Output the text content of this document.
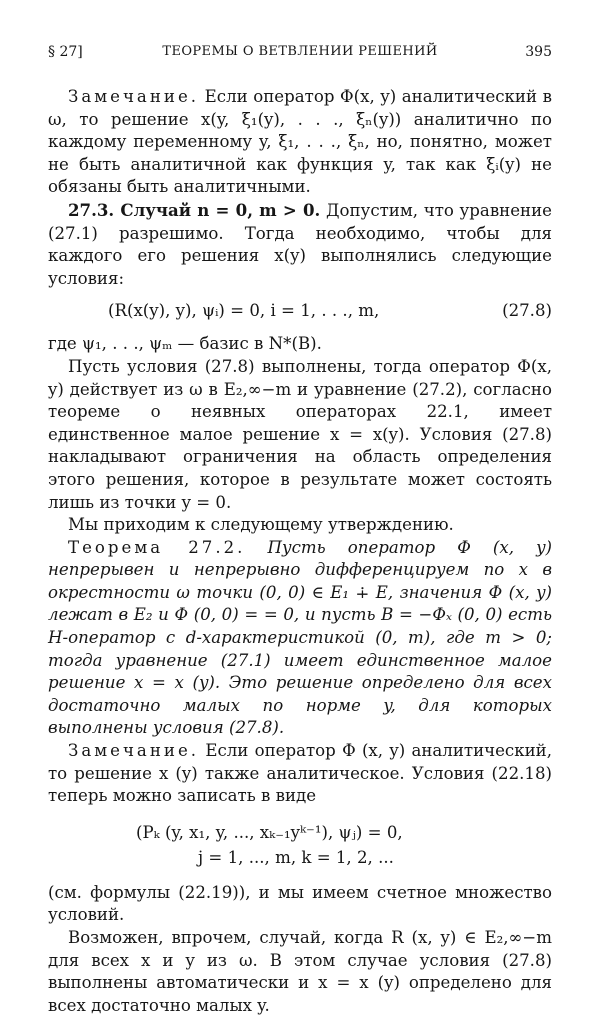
§ 27]	ТЕОРЕМЫ О ВЕТВЛЕНИИ РЕШЕНИЙ	395

Замечание. Если оператор Φ(x, y) аналитический в ω, то решение x(y, ξ₁(y), . . ., ξₙ(y)) аналитично по каждому переменному y, ξ₁, . . ., ξₙ, но, понятно, может не быть аналитичной как функция y, так как ξᵢ(y) не обязаны быть аналитичными.

27.3. Случай n = 0, m > 0. Допустим, что уравнение (27.1) разрешимо. Тогда необходимо, чтобы для каждого его решения x(y) выполнялись следующие условия:

(R(x(y), y), ψᵢ) = 0, i = 1, . . ., m,	(27.8)

где ψ₁, . . ., ψₘ — базис в N*(B).

Пусть условия (27.8) выполнены, тогда оператор Φ(x, y) действует из ω в E₂,∞−m и уравнение (27.2), согласно теореме о неявных операторах 22.1, имеет единственное малое решение x = x(y). Условия (27.8) накладывают ограничения на область определения этого решения, которое в результате может состоять лишь из точки y = 0.

Мы приходим к следующему утверждению.

Теорема 27.2. Пусть оператор Φ (x, y) непрерывен и непрерывно дифференцируем по x в окрестности ω точки (0, 0) ∈ E₁ ∔ E, значения Φ (x, y) лежат в E₂ и Φ (0, 0) = = 0, и пусть B = −Φₓ (0, 0) есть H-оператор с d-характеристикой (0, m), где m > 0; тогда уравнение (27.1) имеет единственное малое решение x = x (y). Это решение определено для всех достаточно малых по норме y, для которых выполнены условия (27.8).

Замечание. Если оператор Φ (x, y) аналитический, то решение x (y) также аналитическое. Условия (22.18) теперь можно записать в виде

(Pₖ (y, x₁, y, ..., xₖ₋₁yᵏ⁻¹), ψⱼ) = 0,
j = 1, ..., m, k = 1, 2, ...

(см. формулы (22.19)), и мы имеем счетное множество условий.

Возможен, впрочем, случай, когда R (x, y) ∈ E₂,∞−m для всех x и y из ω. В этом случае условия (27.8) выполнены автоматически и x = x (y) определено для всех достаточно малых y.
